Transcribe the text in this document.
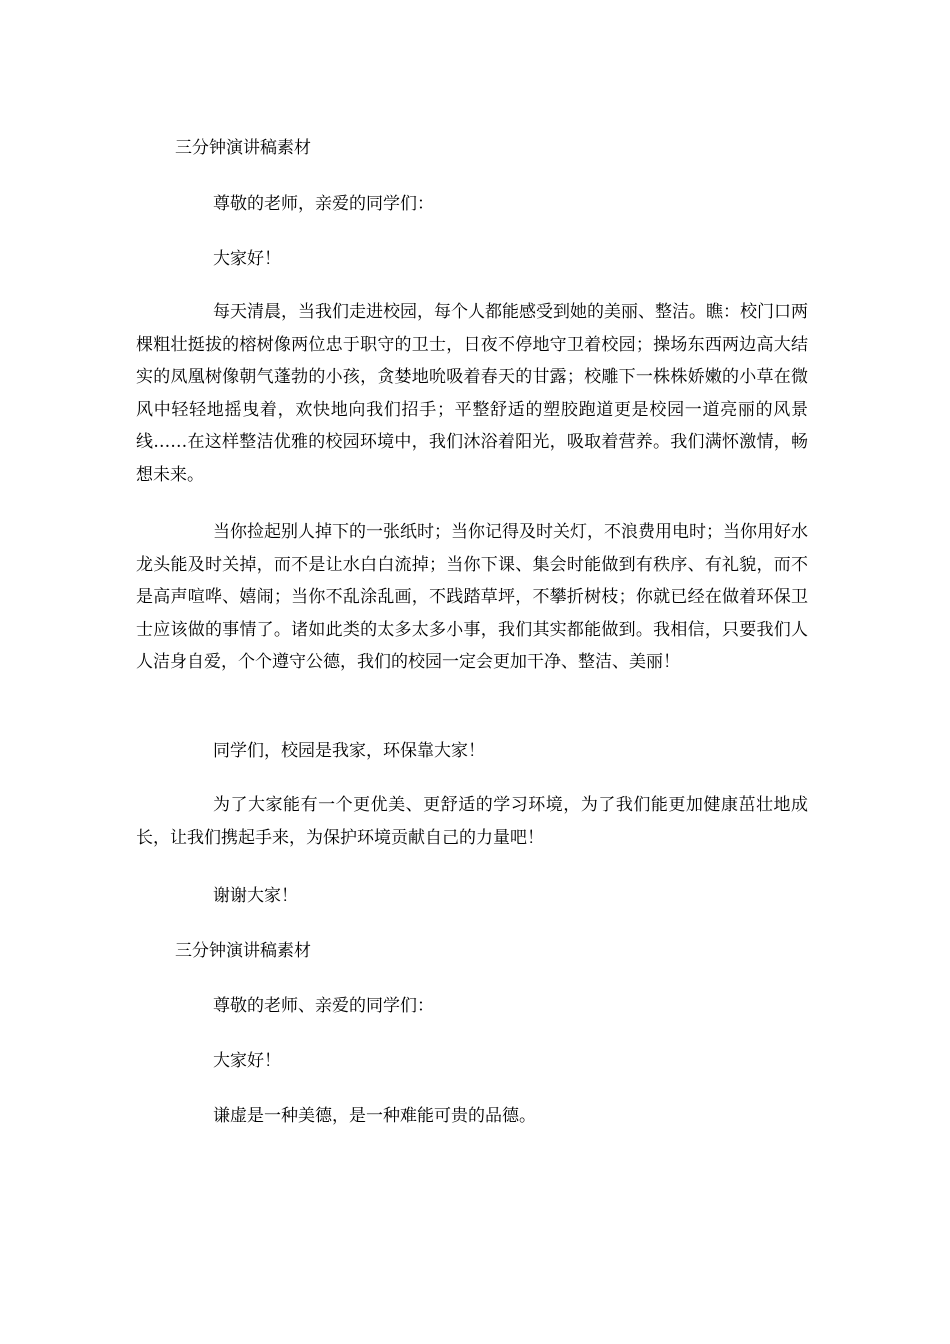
三分钟演讲稿素材
尊敬的老师，亲爱的同学们：
大家好！

每天清晨，当我们走进校园，每个人都能感受到她的美丽、整洁。瞧：校门口两棵粗壮挺拔的榕树像两位忠于职守的卫士，日夜不停地守卫着校园；操场东西两边高大结实的凤凰树像朝气蓬勃的小孩，贪婪地吮吸着春天的甘露；校雕下一株株娇嫩的小草在微风中轻轻地摇曳着，欢快地向我们招手；平整舒适的塑胶跑道更是校园一道亮丽的风景线……在这样整洁优雅的校园环境中，我们沐浴着阳光，吸取着营养。我们满怀激情，畅想未来。

当你捡起别人掉下的一张纸时；当你记得及时关灯，不浪费用电时；当你用好水龙头能及时关掉，而不是让水白白流掉；当你下课、集会时能做到有秩序、有礼貌，而不是高声喧哗、嬉闹；当你不乱涂乱画，不践踏草坪，不攀折树枝；你就已经在做着环保卫士应该做的事情了。诸如此类的太多太多小事，我们其实都能做到。我相信，只要我们人人洁身自爱，个个遵守公德，我们的校园一定会更加干净、整洁、美丽！

同学们，校园是我家，环保靠大家！

为了大家能有一个更优美、更舒适的学习环境，为了我们能更加健康茁壮地成长，让我们携起手来，为保护环境贡献自己的力量吧！

谢谢大家！
三分钟演讲稿素材
尊敬的老师、亲爱的同学们：
大家好！
谦虚是一种美德，是一种难能可贵的品德。
